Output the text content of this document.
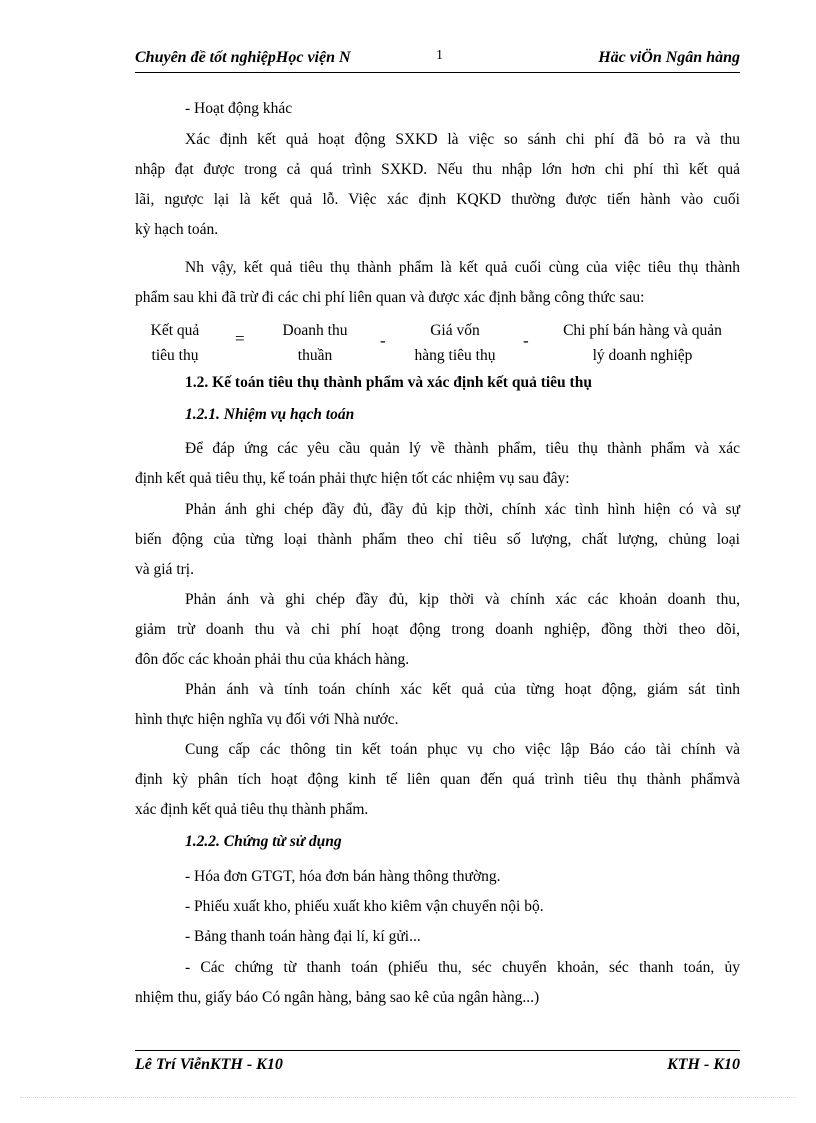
Chuyên đề tốt nghiệpHọc viện N	1	Häc viÖn Ngân hàng
- Hoạt động khác
Xác định kết quả hoạt động SXKD là việc so sánh chi phí đã bỏ ra và thu
nhập đạt được trong cả quá trình SXKD. Nếu thu nhập lớn hơn chi phí thì kết quả
lãi, ngược lại là kết quả lỗ. Việc xác định KQKD thường được tiến hành vào cuối
kỳ hạch toán.
Nh vậy, kết quả tiêu thụ thành phẩm là kết quả cuối cùng của việc tiêu thụ thành
phẩm sau khi đã trừ đi các chi phí liên quan và được xác định bằng công thức sau:
Kết quả
tiêu thụ
=	Doanh thu
thuần
-
Giá vốn
hàng tiêu thụ
-
Chi phí bán hàng và quản
lý doanh nghiệp
1.2. Kế toán tiêu thụ thành phẩm và xác định kết quả tiêu thụ
1.2.1. Nhiệm vụ hạch toán
Để đáp ứng các yêu cầu quản lý về thành phẩm, tiêu thụ thành phẩm và xác
định kết quả tiêu thụ, kế toán phải thực hiện tốt các nhiệm vụ sau đây:
Phản ánh ghi chép đầy đủ, đầy đủ kịp thời, chính xác tình hình hiện có và sự
biến động của từng loại thành phẩm theo chỉ tiêu số lượng, chất lượng, chủng loại
và giá trị.
Phản ánh và ghi chép đầy đủ, kịp thời và chính xác các khoản doanh thu,
giảm trừ doanh thu và chi phí hoạt động trong doanh nghiệp, đồng thời theo dõi,
đôn đốc các khoản phải thu của khách hàng.
Phản ánh và tính toán chính xác kết quả của từng hoạt động, giám sát tình
hình thực hiện nghĩa vụ đối với Nhà nước.
Cung cấp các thông tin kết toán phục vụ cho việc lập Báo cáo tài chính và
định kỳ phân tích hoạt động kinh tế liên quan đến quá trình tiêu thụ thành phẩmvà
xác định kết quả tiêu thụ thành phẩm.
1.2.2. Chứng từ sử dụng
- Hóa đơn GTGT, hóa đơn bán hàng thông thường.
- Phiếu xuất kho, phiếu xuất kho kiêm vận chuyển nội bộ.
- Bảng thanh toán hàng đại lí, kí gửi...
- Các chứng từ thanh toán (phiếu thu, séc chuyển khoản, séc thanh toán, ủy
nhiệm thu, giấy báo Có ngân hàng, bảng sao kê của ngân hàng...)
Lê Trí ViễnKTH - K10	KTH - K10
